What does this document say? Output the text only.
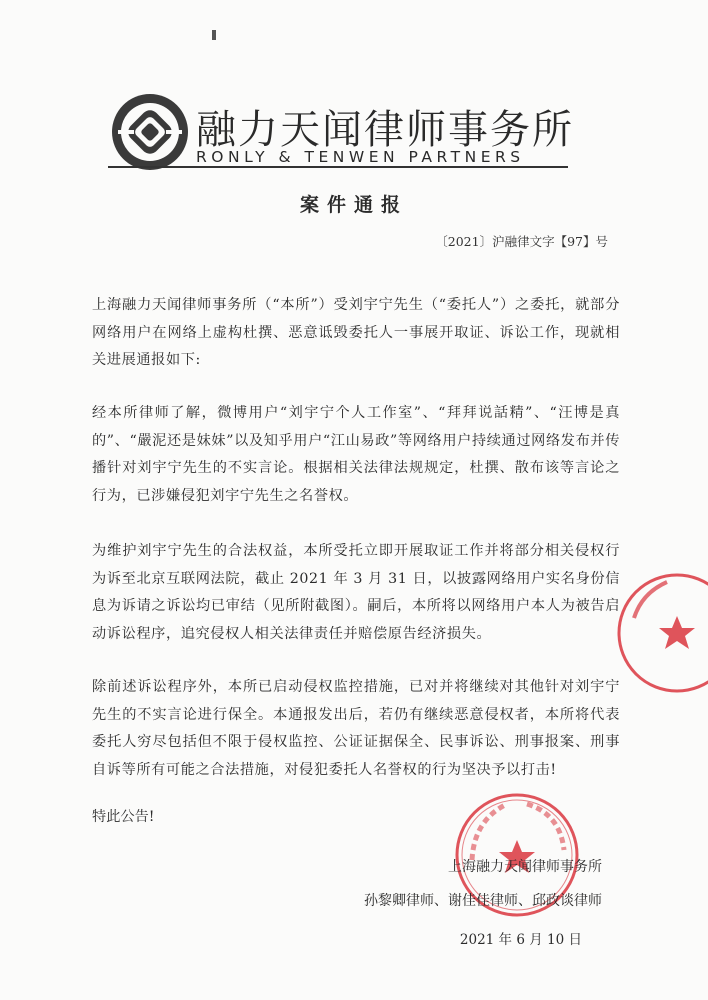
融力天闻律师事务所
RONLY & TENWEN PARTNERS
案件通报
〔2021〕沪融律文字【97】号

上海融力天闻律师事务所（“本所”）受刘宇宁先生（“委托人”）之委托，就部分网络用户在网络上虚构杜撰、恶意诋毁委托人一事展开取证、诉讼工作，现就相关进展通报如下:

经本所律师了解，微博用户“刘宇宁个人工作室”、“拜拜说話精”、“汪博是真的”、“嚴泥还是妹妹”以及知乎用户“江山易政”等网络用户持续通过网络发布并传播针对刘宇宁先生的不实言论。根据相关法律法规规定，杜撰、散布该等言论之行为，已涉嫌侵犯刘宇宁先生之名誉权。

为维护刘宇宁先生的合法权益，本所受托立即开展取证工作并将部分相关侵权行为诉至北京互联网法院，截止 2021 年 3 月 31 日，以披露网络用户实名身份信息为诉请之诉讼均已审结（见所附截图）。嗣后，本所将以网络用户本人为被告启动诉讼程序，追究侵权人相关法律责任并赔偿原告经济损失。

除前述诉讼程序外，本所已启动侵权监控措施，已对并将继续对其他针对刘宇宁先生的不实言论进行保全。本通报发出后，若仍有继续恶意侵权者，本所将代表委托人穷尽包括但不限于侵权监控、公证证据保全、民事诉讼、刑事报案、刑事自诉等所有可能之合法措施，对侵犯委托人名誉权的行为坚决予以打击!

特此公告!
上海融力天闻律师事务所
孙黎卿律师、谢佳佳律师、邱政谈律师
2021 年 6 月 10 日
